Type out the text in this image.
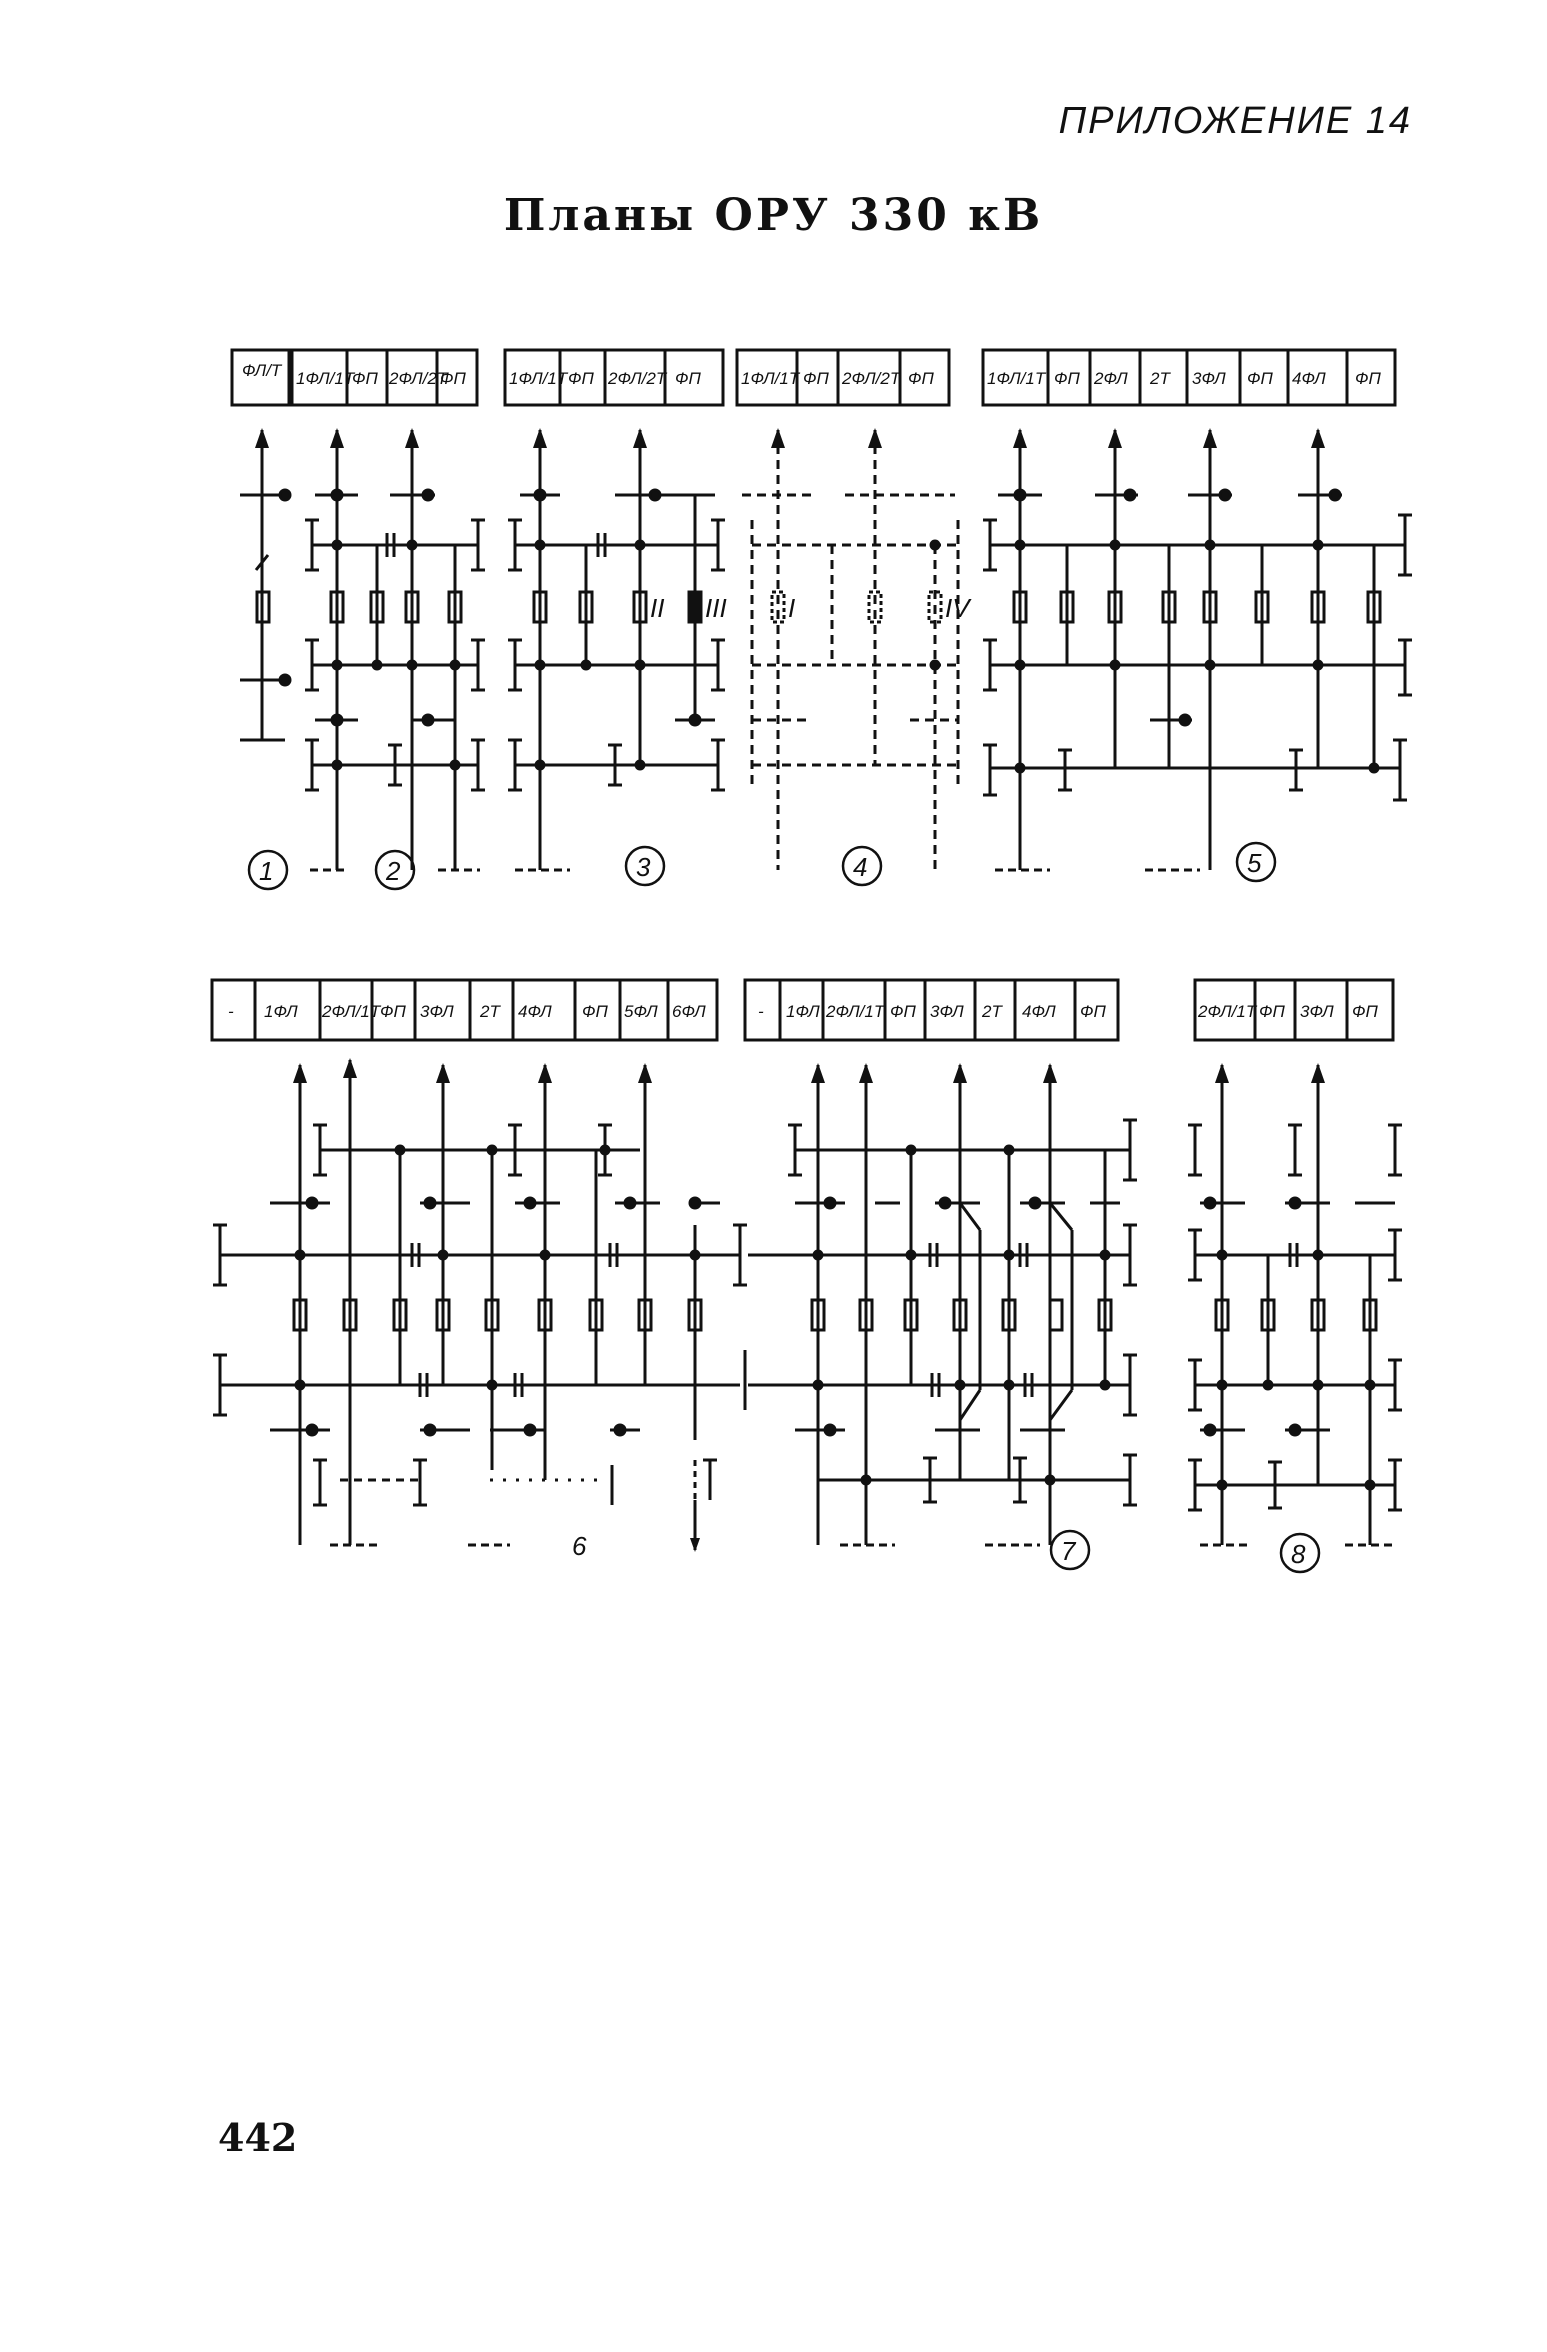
ПРИЛОЖЕНИЕ 14
Планы ОРУ 330 кВ
ФЛ/Т 1ФЛ/1Т
ФП 2ФЛ/2Т
ФП	1ФЛ/1Т ФП 2ФЛ/2Т ФП 1ФЛ/1Т ФП 2ФЛ/2Т ФП	1ФЛ/1Т ФП 2ФЛ 2Т 3ФЛ ФП 4ФЛ ФП
- 1ФЛ 2ФЛ/1Т ФП 3ФЛ 2Т 4ФЛ ФП 5ФЛ 6ФЛ	- 1ФЛ 2ФЛ/1Т ФП 3ФЛ 2Т 4ФЛ ФП	2ФЛ/1Т ФП 3ФЛ ФП
II III I	IV
1	2	3	4	5
6	7	8
442
